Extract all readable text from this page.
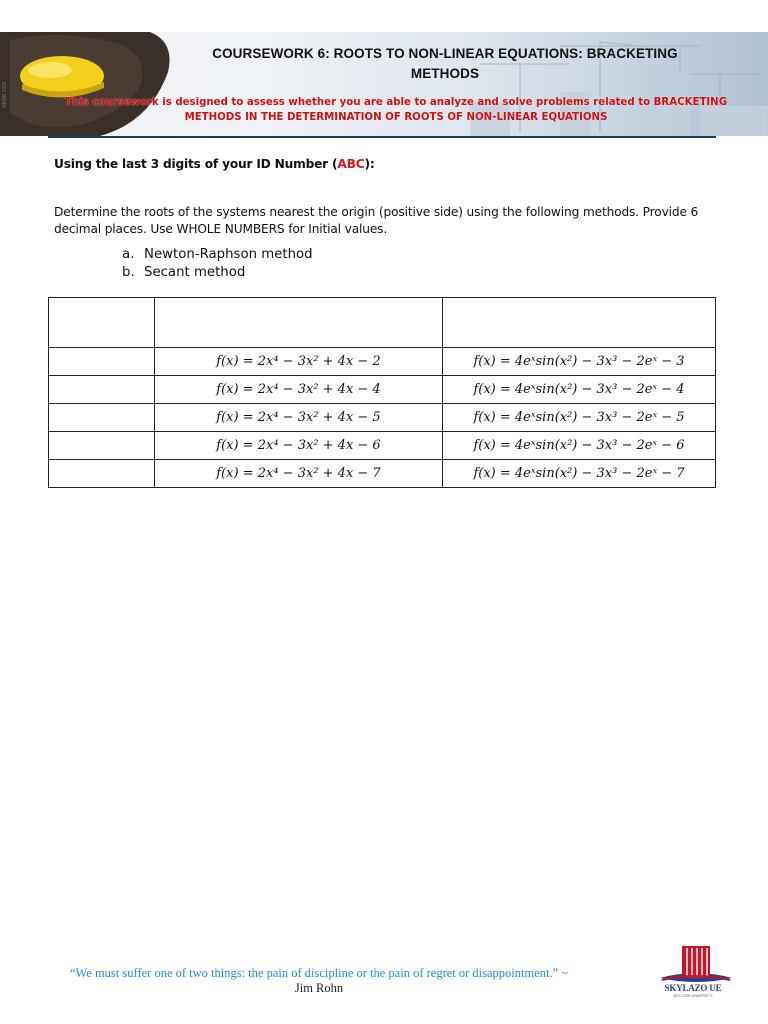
COURSEWORK 6: ROOTS TO NON-LINEAR EQUATIONS: BRACKETING
METHODS
This coursework is designed to assess whether you are able to analyze and solve problems related to BRACKETING
METHODS IN THE DETERMINATION OF ROOTS OF NON-LINEAR EQUATIONS
NMAE 0101
Using the last 3 digits of your ID Number (ABC):
Determine the roots of the systems nearest the origin (positive side) using the following methods. Provide 6 decimal places. Use WHOLE NUMBERS for Initial values.
a. Newton-Raphson method
b. Secant method

	f(x) = 2x⁴ − 3x² + 4x − 2	f(x) = 4eˣsin(x²) − 3x³ − 2eˣ − 3
	f(x) = 2x⁴ − 3x² + 4x − 4	f(x) = 4eˣsin(x²) − 3x³ − 2eˣ − 4
	f(x) = 2x⁴ − 3x² + 4x − 5	f(x) = 4eˣsin(x²) − 3x³ − 2eˣ − 5
	f(x) = 2x⁴ − 3x² + 4x − 6	f(x) = 4eˣsin(x²) − 3x³ − 2eˣ − 6
	f(x) = 2x⁴ − 3x² + 4x − 7	f(x) = 4eˣsin(x²) − 3x³ − 2eˣ − 7
“We must suffer one of two things: the pain of discipline or the pain of regret or disappointment.” ~
Jim Rohn	SKYLAZO UE
SKY LOOK UNIVERSITY
